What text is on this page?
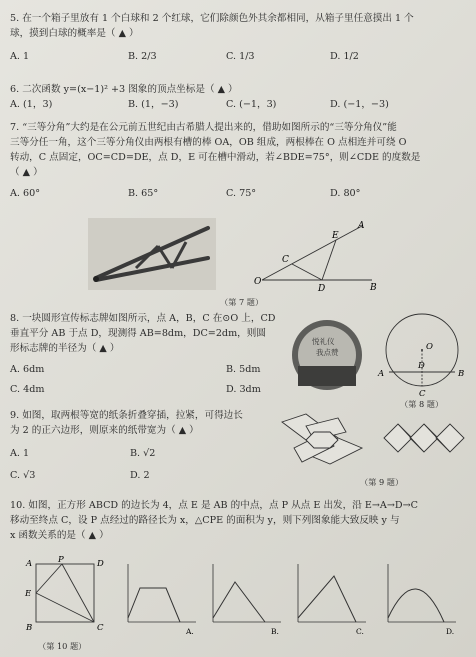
5. 在一个箱子里放有 1 个白球和 2 个红球，它们除颜色外其余都相同，从箱子里任意摸出 1 个
球，摸到白球的概率是（ ▲ ）
A. 1	B. 2/3	C. 1/3	D. 1/2
6. 二次函数 y=(x−1)² +3 图象的顶点坐标是（ ▲ ）
A. (1，3)	B. (1，−3)	C. (−1，3)	D. (−1，−3)
7. “三等分角”大约是在公元前五世纪由古希腊人提出来的，借助如图所示的“三等分角仪”能
三等分任一角，这个三等分角仪由两根有槽的棒 OA，OB 组成，两根棒在 O 点相连并可绕 O
转动，C 点固定，OC=CD=DE，点 D，E 可在槽中滑动，若∠BDE=75°，则∠CDE 的度数是
（ ▲ ）
A. 60°	B. 65°	C. 75°	D. 80°
A
E
C
O
D	B
（第 7 题）
8. 一块圆形宣传标志牌如图所示，点 A，B，C 在⊙O 上，CD
垂直平分 AB 于点 D，现测得 AB=8dm，DC=2dm，则圆
形标志牌的半径为（ ▲ ）
A. 6dm	B. 5dm
C. 4dm	D. 3dm
悦礼仪
我点赞
O
A
D
B
C
（第 8 题）
9. 如图，取两根等宽的纸条折叠穿插，拉紧，可得边长
为 2 的正六边形，则原来的纸带宽为（ ▲ ）
A. 1	B. √2
C. √3	D. 2
（第 9 题）
10. 如图，正方形 ABCD 的边长为 4，点 E 是 AB 的中点，点 P 从点 E 出发，沿 E→A→D→C
移动至终点 C，设 P 点经过的路径长为 x，△CPE 的面积为 y，则下列图象能大致反映 y 与
x 函数关系的是（ ▲ ）
A	P	D
E
B	C
（第 10 题）
A.	B.	C.	D.
